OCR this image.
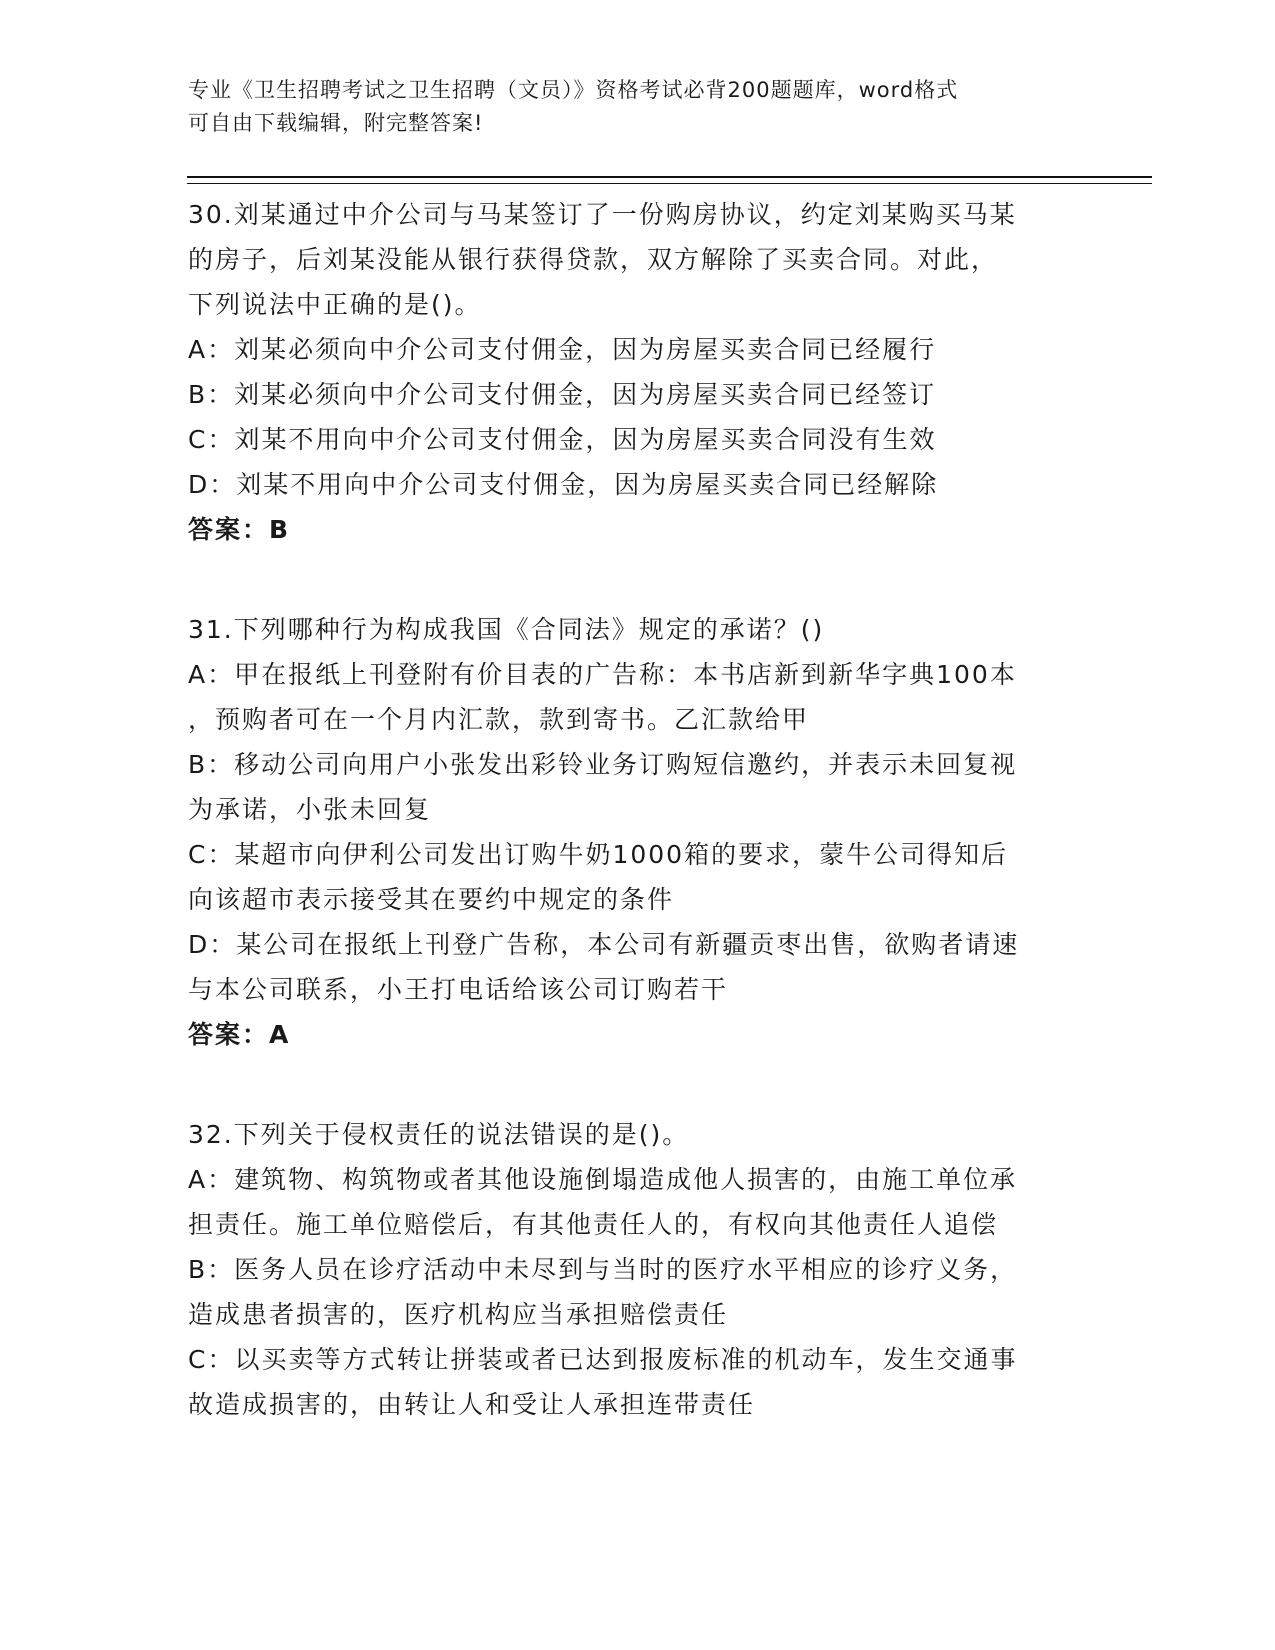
专业《卫生招聘考试之卫生招聘（文员）》资格考试必背200题题库，word格式
可自由下载编辑，附完整答案!
30.刘某通过中介公司与马某签订了一份购房协议，约定刘某购买马某
的房子，后刘某没能从银行获得贷款，双方解除了买卖合同。对此，
下列说法中正确的是()。
A：刘某必须向中介公司支付佣金，因为房屋买卖合同已经履行
B：刘某必须向中介公司支付佣金，因为房屋买卖合同已经签订
C：刘某不用向中介公司支付佣金，因为房屋买卖合同没有生效
D：刘某不用向中介公司支付佣金，因为房屋买卖合同已经解除
答案：B
31.下列哪种行为构成我国《合同法》规定的承诺？()
A：甲在报纸上刊登附有价目表的广告称：本书店新到新华字典100本
，预购者可在一个月内汇款，款到寄书。乙汇款给甲
B：移动公司向用户小张发出彩铃业务订购短信邀约，并表示未回复视
为承诺，小张未回复
C：某超市向伊利公司发出订购牛奶1000箱的要求，蒙牛公司得知后
向该超市表示接受其在要约中规定的条件
D：某公司在报纸上刊登广告称，本公司有新疆贡枣出售，欲购者请速
与本公司联系，小王打电话给该公司订购若干
答案：A
32.下列关于侵权责任的说法错误的是()。
A：建筑物、构筑物或者其他设施倒塌造成他人损害的，由施工单位承
担责任。施工单位赔偿后，有其他责任人的，有权向其他责任人追偿
B：医务人员在诊疗活动中未尽到与当时的医疗水平相应的诊疗义务，
造成患者损害的，医疗机构应当承担赔偿责任
C：以买卖等方式转让拼装或者已达到报废标准的机动车，发生交通事
故造成损害的，由转让人和受让人承担连带责任
